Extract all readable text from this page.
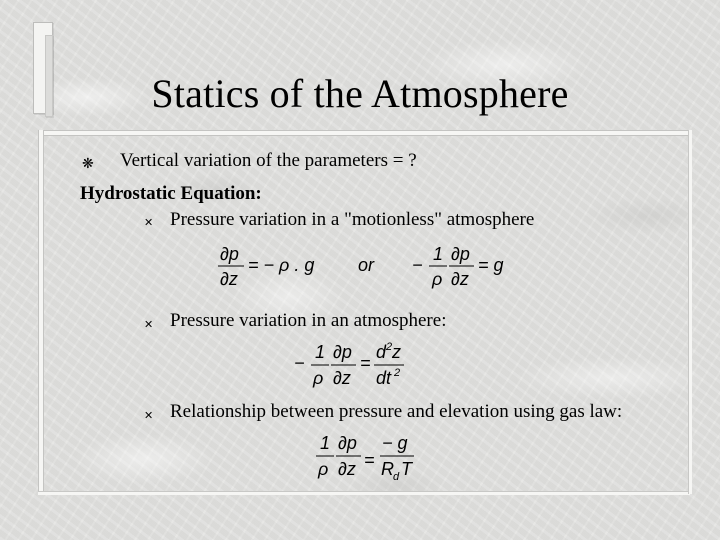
Statics of the Atmosphere
❋ Vertical variation of the parameters = ?
Hydrostatic Equation:
✕ Pressure variation in a "motionless" atmosphere
∂p
∂z
= − ρ . g or −
1
ρ
∂p
∂z
= g
✕ Pressure variation in an atmosphere:
−
1
ρ
∂p
∂z
=
d 2 z
dt 2
✕ Relationship between pressure and elevation using gas law:
1
ρ
∂p
∂z =
− g
R d T
